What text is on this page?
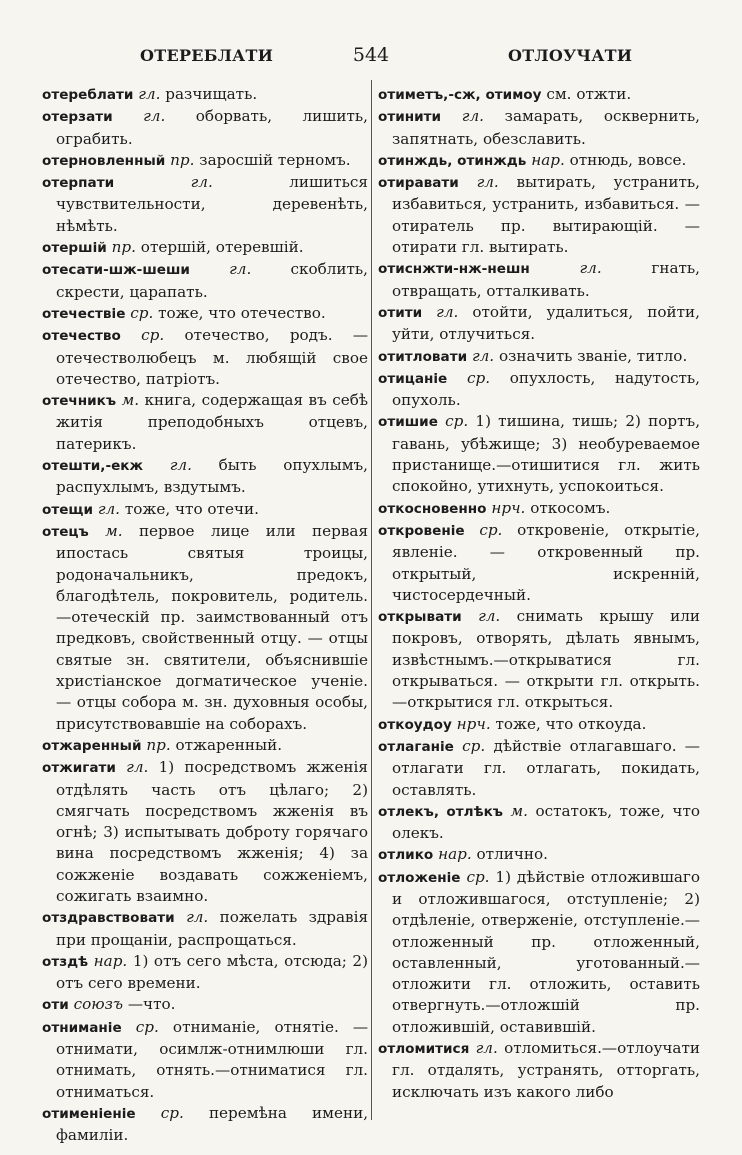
ОТЕРЕБЛАТИ	544	ОТЛОУЧАТИ

отереблати гл. разчищать.

отерзати гл. оборвать, лишить, ограбить.

отерновленный пр. заросшій терномъ.

отерпати	гл.	лишиться чувствительности, деревенѣть, нѣмѣть.

отершій пр. отершій, отеревшій.

отесати-шж-шеши	гл.	скоблить, скрести, царапать.

отечествіе ср. тоже, что отечество.

отечество ср. отечество, родъ. — отечестволюбецъ м. любящій свое отечество, патріотъ.

отечникъ м. книга, содержащая въ себѣ житія преподобныхъ отцевъ, патерикъ.

отешти,-екж гл. быть опухлымъ, распухлымъ, вздутымъ.

отещи гл. тоже, что отечи.

отецъ м. первое лице или первая ипостась святыя троицы, родоначальникъ, предокъ, благодѣтель, покровитель, родитель.—отеческій пр. заимствованный отъ предковъ, свойственный отцу. — отцы святые зн. святители, объяснившіе христіанское догматическое ученіе. — отцы собора м. зн. духовныя особы, присутствовавшіе на соборахъ.

отжаренный пр. отжаренный.

отжигати гл. 1) посредствомъ жженія отдѣлять часть отъ цѣлаго; 2) смягчать посредствомъ жженія въ огнѣ; 3) испытывать доброту горячаго вина посредствомъ жженія; 4) за сожженіе воздавать сожженіемъ, сожигать взаимно.

отздравствовати гл. пожелать здравія при прощаніи, распрощаться.

отздѣ нар. 1) отъ сего мѣста, отсюда; 2) отъ сего времени.

оти союзъ —что.

отниманіе ср. отниманіе, отнятіе. — отнимати, осимлж-отнимлюши гл. отнимать, отнять.—отниматися гл. отниматься.

отименіеніе ср. перемѣна имени, фамиліи.

отиметъ,-сж, отимоу см. отжти.

отинити гл. замарать, осквернить, запятнать, обезславить.

отинждь, отинждь нар. отнюдь, вовсе.

отиравати гл. вытирать, устранить, избавиться, устранить, избавиться. — отиратель пр. вытирающій. — отирати гл. вытирать.

отиснжти-нж-нешн	гл.	гнать, отвращать, отталкивать.

отити гл. отойти, удалиться, пойти, уйти, отлучиться.

отитловати гл. означить званіе, титло.

отицаніе ср. опухлость, надутость, опухоль.

отишие ср. 1) тишина, тишь; 2) портъ, гавань, убѣжище; 3) необуреваемое пристанище.—отишитися гл. жить спокойно, утихнуть, успокоиться.

откосновенно нрч. откосомъ.

откровеніе ср. откровеніе, открытіе, явленіе. — откровенный пр. открытый, искренній, чистосердечный.

открывати гл. снимать крышу или покровъ, отворять, дѣлать явнымъ, извѣстнымъ.—открыватися гл. открываться. — открыти гл. открыть. —открытися гл. открыться.

откоудоу нрч. тоже, что откоуда.

отлаганіе ср. дѣйствіе отлагавшаго. — отлагати гл. отлагать, покидать, оставлять.

отлекъ, отлѣкъ м. остатокъ, тоже, что олекъ.

отлико нар. отлично.

отложеніе ср. 1) дѣйствіе отложившаго и отложившагося, отступленіе; 2) отдѣленіе, отверженіе, отступленіе.—отложенный пр. отложенный, оставленный, уготованный.— отложити гл. отложить, оставить отвергнуть.—отложшій пр. отложившій, оставившій.

отломитися гл. отломиться.—отлоучати гл. отдалять, устранять, отторгать, исключать изъ какого либо
